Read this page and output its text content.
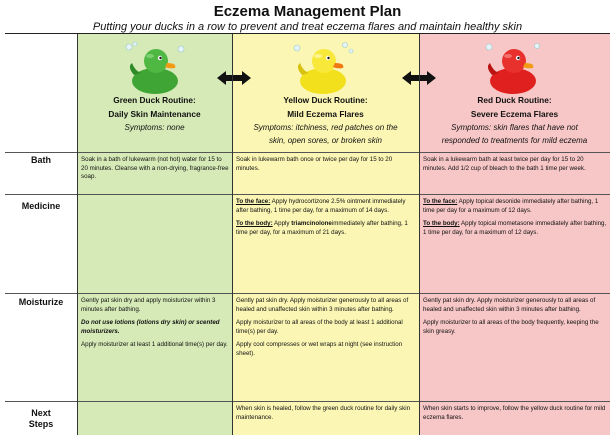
Eczema Management Plan
Putting your ducks in a row to prevent and treat eczema flares and maintain healthy skin
Green Duck Routine:
Daily Skin Maintenance
Symptoms: none
Yellow Duck Routine:
Mild Eczema Flares
Symptoms: itchiness, red patches on the
skin, open sores, or broken skin
Red Duck Routine:
Severe Eczema Flares
Symptoms: skin flares that have not
responded to treatments for mild eczema
Bath
Medicine
Moisturize
Next
Steps
Soak in a bath of lukewarm (not hot) water for 15 to 20 minutes. Cleanse with a non-drying, fragrance-free soap.
Soak in lukewarm bath once or twice per day for 15 to 20 minutes.
Soak in a lukewarm bath at least twice per day for 15 to 20 minutes. Add 1/2 cup of bleach to the bath 1 time per week.

To the face: Apply hydrocortizone 2.5% ointment immediately after bathing, 1 time per day, for a maximum of 14 days.

To the body: Apply triamcinoloneimmediately after bathing, 1 time per day, for a maximum of 21 days.

To the face: Apply topical desonide immediately after bathing, 1 time per day for a maximum of 12 days.

To the body: Apply topical mometasone immediately after bathing, 1 time per day, for a maximum of 12 days.

Gently pat skin dry and apply moisturizer within 3 minutes after bathing.

Do not use lotions (lotions dry skin) or scented moisturizers.

Apply moisturizer at least 1 additional time(s) per day.

Gently pat skin dry. Apply moisturizer generously to all areas of healed and unaffected skin within 3 minutes after bathing.

Apply moisturizer to all areas of the body at least 1 additional time(s) per day.

Apply cool compresses or wet wraps at night (see instruction sheet).

Gently pat skin dry. Apply moisturizer generously to all areas of healed and unaffected skin within 3 minutes after bathing.

Apply moisturizer to all areas of the body frequently, keeping the skin greasy.

When skin is healed, follow the green duck routine for daily skin maintenance.
When skin starts to improve, follow the yellow duck routine for mild eczema flares.
